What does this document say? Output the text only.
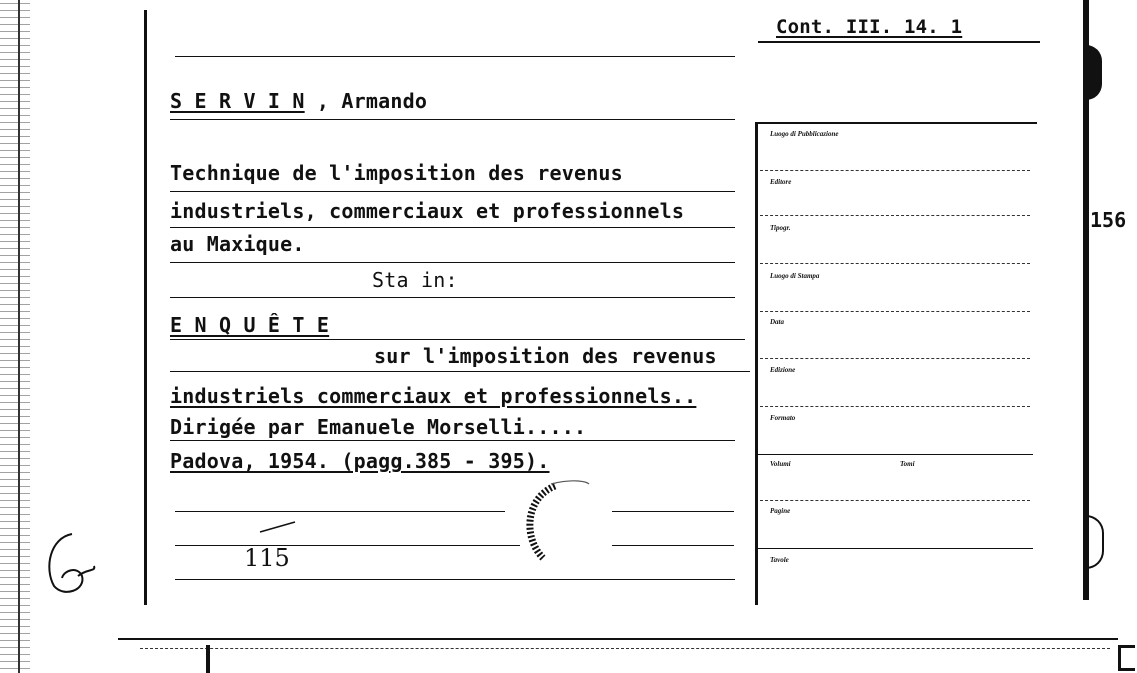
Cont. III. 14. 1
S E R V I N , Armando
Technique de l'imposition des revenus
industriels, commerciaux et professionnels
au Maxique.
Sta in:
E N Q U Ê T E
sur l'imposition des revenus
industriels commerciaux et professionnels..
Dirigée par Emanuele Morselli.....
Padova, 1954. (pagg.385 - 395).
115
156
Luogo di Pubblicazione
Editore
Tipogr.
Luogo di Stampa
Data
Edizione
Formato
Volumi	Tomi
Pagine
Tavole
